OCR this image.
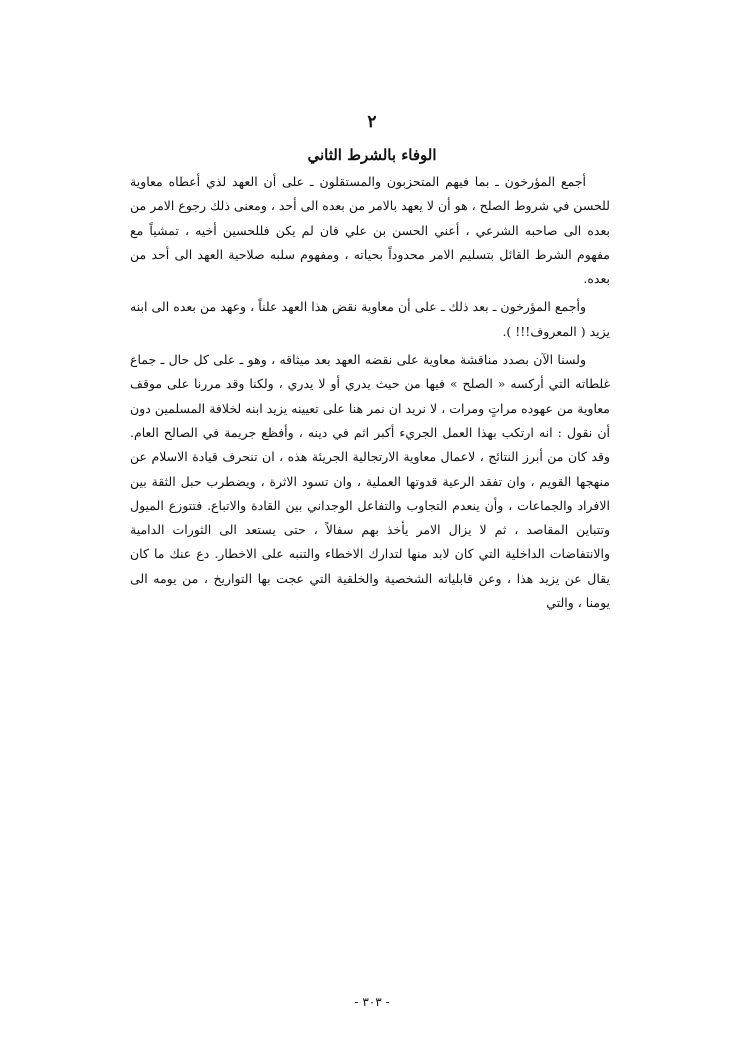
٢
الوفاء بالشرط الثاني

أجمع المؤرخون ـ بما فيهم المتحزبون والمستقلون ـ على أن العهد لذي أعطاه معاوية للحسن في شروط الصلح ، هو أن لا يعهد بالامر من بعده الى أحد ، ومعنى ذلك رجوع الامر من بعده الى صاحبه الشرعي ، أعني الحسن بن علي فان لم يكن فللحسين أخيه ، تمشياً مع مفهوم الشرط القائل بتسليم الامر محدوداً بحياته ، ومفهوم سلبه صلاحية العهد الى أحد من بعده.

وأجمع المؤرخون ـ بعد ذلك ـ على أن معاوية نقض هذا العهد علناً ، وعهد من بعده الى ابنه يزيد ( المعروف!!! ).

ولسنا الآن بصدد مناقشة معاوية على نقضه العهد بعد ميثاقه ، وهو ـ على كل حال ـ جماع غلطاته التي أركسه « الصلح » فيها من حيث يدري أو لا يدري ، ولكنا وقد مررنا على موقف معاوية من عهوده مراتٍ ومرات ، لا نريد ان نمر هنا على تعيينه يزيد ابنه لخلافة المسلمين دون أن نقول : انه ارتكب بهذا العمل الجريء أكبر اثم في دينه ، وأفظع جريمة في الصالح العام. وقد كان من أبرز النتائج ، لاعمال معاوية الارتجالية الجريئة هذه ، ان تنحرف قيادة الاسلام عن منهجها القويم ، وان تفقد الرعية قدوتها العملية ، وان تسود الاثرة ، ويضطرب حبل الثقة بين الافراد والجماعات ، وأن ينعدم التجاوب والتفاعل الوجداني بين القادة والاتباع. فتتوزع الميول وتتباين المقاصد ، ثم لا يزال الامر يأخذ بهم سفالاً ، حتى يستعد الى الثورات الدامية والانتفاضات الداخلية التي كان لابد منها لتدارك الاخطاء والتنبه على الاخطار. دع عنك ما كان يقال عن يزيد هذا ، وعن قابلياته الشخصية والخلقية التي عجت بها التواريخ ، من يومه الى يومنا ، والتي

- ٣٠٣ -
